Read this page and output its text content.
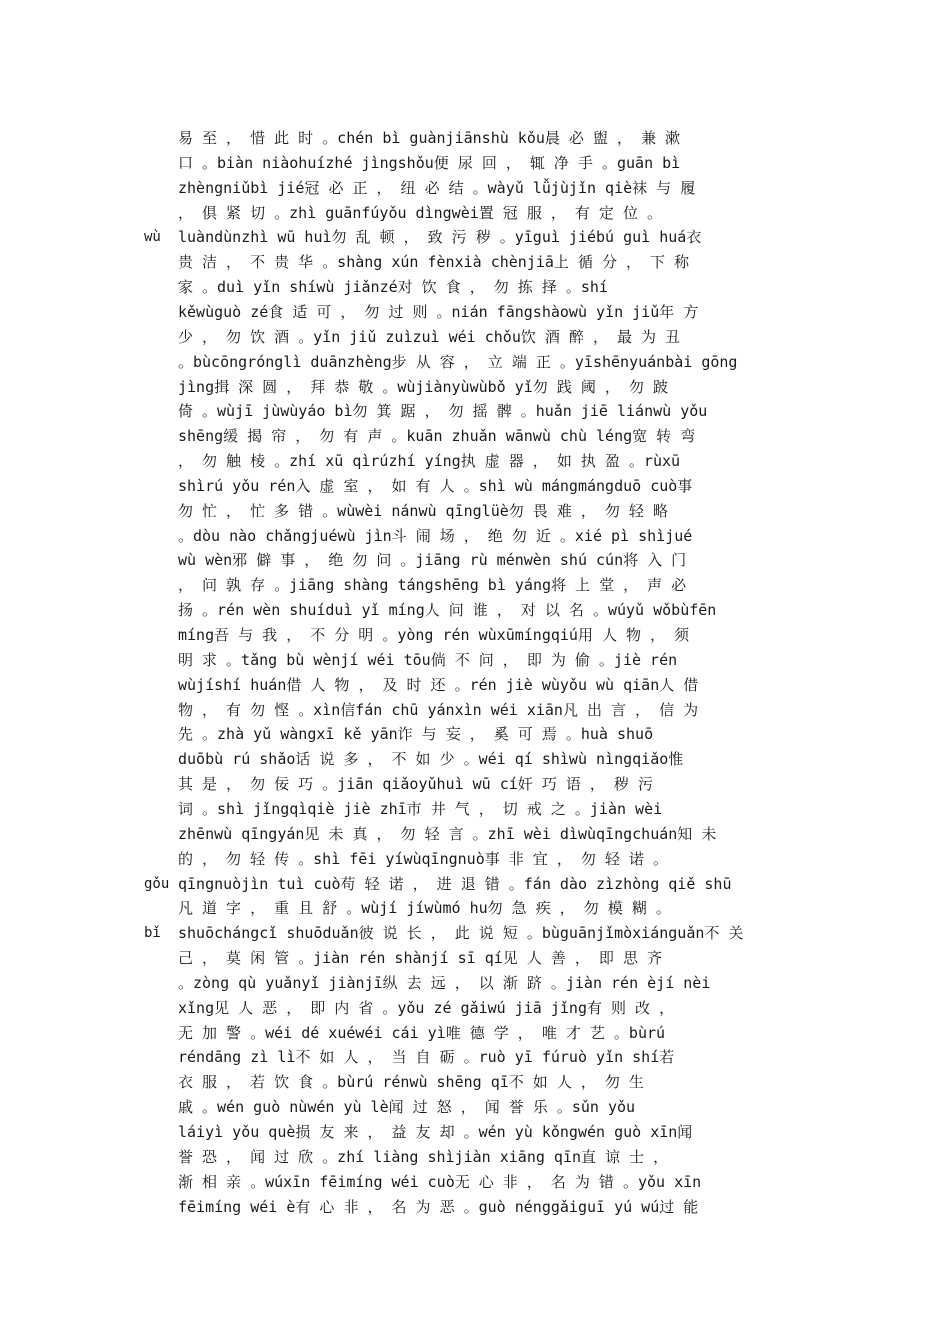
易 至 ， 惜 此 时 。chén bì guànjiānshù kǒu晨 必 盥 ， 兼 漱
口 。biàn niàohuízhé jìngshǒu便 尿 回 ， 辄 净 手 。guān bì
zhèngniǔbì jié冠 必 正 ， 纽 必 结 。wàyǔ lǚjùjǐn qiè袜 与 履
， 俱 紧 切 。zhì guānfúyǒu dìngwèi置 冠 服 ， 有 定 位 。
luàndùnzhì wū huì勿 乱 顿 ， 致 污 秽 。yīguì jiébú guì huá衣
贵 洁 ， 不 贵 华 。shàng xún fènxià chènjiā上 循 分 ， 下 称
家 。duì yǐn shíwù jiǎnzé对 饮 食 ， 勿 拣 择 。shí
kěwùguò zé食 适 可 ， 勿 过 则 。nián fāngshàowù yǐn jiǔ年 方
少 ， 勿 饮 酒 。yǐn jiǔ zuìzuì wéi chǒu饮 酒 醉 ， 最 为 丑
。bùcōngrónglì duānzhèng步 从 容 ， 立 端 正 。yīshēnyuánbài gōng
jìng揖 深 圆 ， 拜 恭 敬 。wùjiànyùwùbǒ yǐ勿 践 阈 ， 勿 跛
倚 。wùjī jùwùyáo bì勿 箕 踞 ， 勿 摇 髀 。huǎn jiē liánwù yǒu
shēng缓 揭 帘 ， 勿 有 声 。kuān zhuǎn wānwù chù léng宽 转 弯
， 勿 触 棱 。zhí xū qìrúzhí yíng执 虚 器 ， 如 执 盈 。rùxū
shìrú yǒu rén入 虚 室 ， 如 有 人 。shì wù mángmángduō cuò事
勿 忙 ， 忙 多 错 。wùwèi nánwù qīnglüè勿 畏 难 ， 勿 轻 略
。dòu nào chǎngjuéwù jìn斗 闹 场 ， 绝 勿 近 。xié pì shìjué
wù wèn邪 僻 事 ， 绝 勿 问 。jiāng rù ménwèn shú cún将 入 门
， 问 孰 存 。jiāng shàng tángshēng bì yáng将 上 堂 ， 声 必
扬 。rén wèn shuíduì yǐ míng人 问 谁 ， 对 以 名 。wúyǔ wǒbùfēn
míng吾 与 我 ， 不 分 明 。yòng rén wùxūmíngqiú用 人 物 ， 须
明 求 。tǎng bù wènjí wéi tōu倘 不 问 ， 即 为 偷 。jiè rén
wùjíshí huán借 人 物 ， 及 时 还 。rén jiè wùyǒu wù qiān人 借
物 ， 有 勿 悭 。xìn信fán chū yánxìn wéi xiān凡 出 言 ， 信 为
先 。zhà yǔ wàngxī kě yān诈 与 妄 ， 奚 可 焉 。huà shuō
duōbù rú shǎo话 说 多 ， 不 如 少 。wéi qí shìwù nìngqiǎo惟
其 是 ， 勿 佞 巧 。jiān qiǎoyǔhuì wū cí奸 巧 语 ， 秽 污
词 。shì jǐngqìqiè jiè zhī市 井 气 ， 切 戒 之 。jiàn wèi
zhēnwù qīngyán见 未 真 ， 勿 轻 言 。zhī wèi dìwùqīngchuán知 未
的 ， 勿 轻 传 。shì fēi yíwùqīngnuò事 非 宜 ， 勿 轻 诺 。
qīngnuòjìn tuì cuò苟 轻 诺 ， 进 退 错 。fán dào zìzhòng qiě shū
凡 道 字 ， 重 且 舒 。wùjí jíwùmó hu勿 急 疾 ， 勿 模 糊 。
shuōchángcǐ shuōduǎn彼 说 长 ， 此 说 短 。bùguānjǐmòxiánguǎn不 关
己 ， 莫 闲 管 。jiàn rén shànjí sī qí见 人 善 ， 即 思 齐
。zòng qù yuǎnyǐ jiànjī纵 去 远 ， 以 渐 跻 。jiàn rén èjí nèi
xǐng见 人 恶 ， 即 内 省 。yǒu zé gǎiwú jiā jǐng有 则 改 ，
无 加 警 。wéi dé xuéwéi cái yì唯 德 学 ， 唯 才 艺 。bùrú
réndāng zì lì不 如 人 ， 当 自 砺 。ruò yī fúruò yǐn shí若
衣 服 ， 若 饮 食 。bùrú rénwù shēng qī不 如 人 ， 勿 生
戚 。wén guò nùwén yù lè闻 过 怒 ， 闻 誉 乐 。sǔn yǒu
láiyì yǒu què损 友 来 ， 益 友 却 。wén yù kǒngwén guò xīn闻
誉 恐 ， 闻 过 欣 。zhí liàng shìjiàn xiāng qīn直 谅 士 ，
渐 相 亲 。wúxīn fēimíng wéi cuò无 心 非 ， 名 为 错 。yǒu xīn
fēimíng wéi è有 心 非 ， 名 为 恶 。guò nénggǎiguī yú wú过 能
wù
gǒu
bǐ
